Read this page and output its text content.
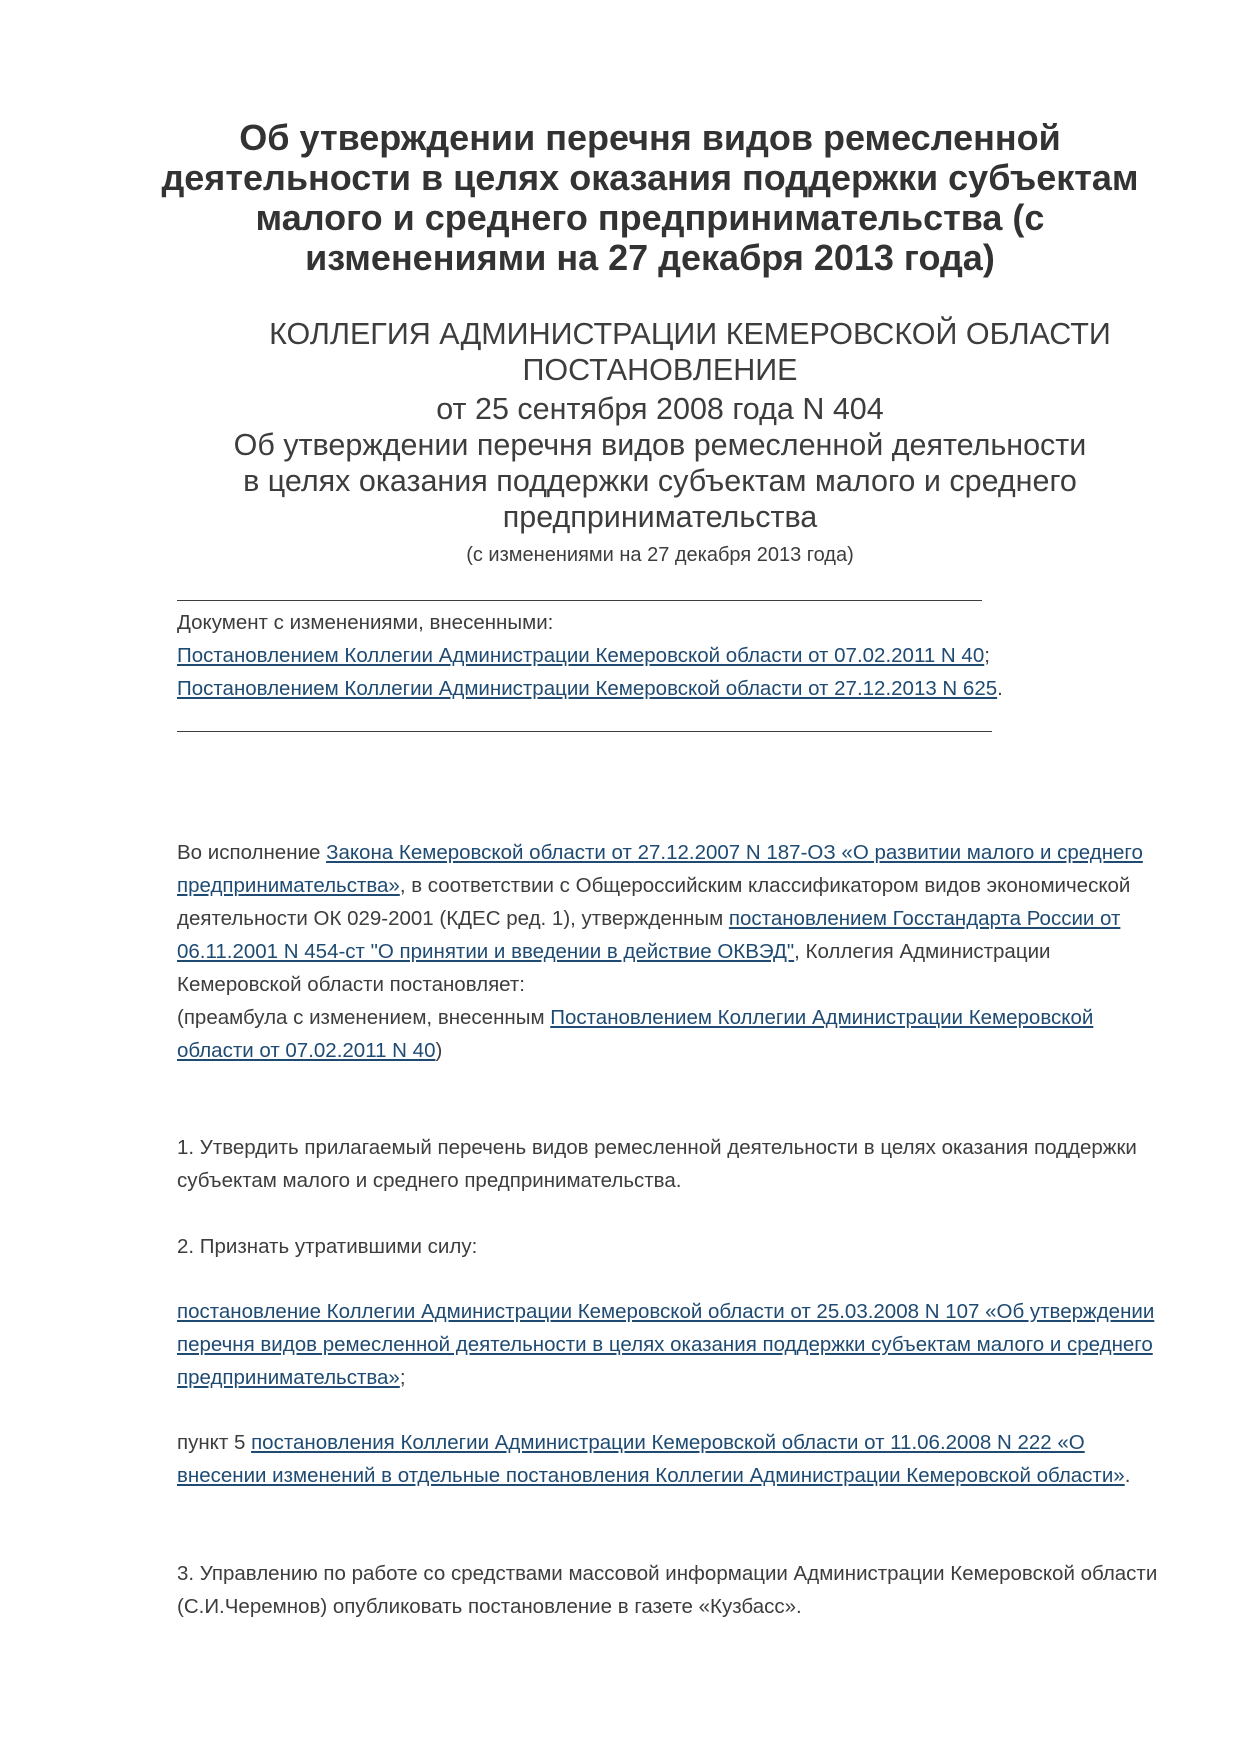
Об утверждении перечня видов ремесленной
деятельности в целях оказания поддержки субъектам
малого и среднего предпринимательства (с
изменениями на 27 декабря 2013 года)
КОЛЛЕГИЯ АДМИНИСТРАЦИИ КЕМЕРОВСКОЙ ОБЛАСТИ
ПОСТАНОВЛЕНИЕ
от 25 сентября 2008 года N 404
Об утверждении перечня видов ремесленной деятельности
в целях оказания поддержки субъектам малого и среднего
предпринимательства
(с изменениями на 27 декабря 2013 года)

Документ с изменениями, внесенными:

Постановлением Коллегии Администрации Кемеровской области от 07.02.2011 N 40;

Постановлением Коллегии Администрации Кемеровской области от 27.12.2013 N 625.

Во исполнение Закона Кемеровской области от 27.12.2007 N 187-ОЗ «О развитии малого и среднего предпринимательства», в соответствии с Общероссийским классификатором видов экономической деятельности ОК 029-2001 (КДЕС ред. 1), утвержденным постановлением Госстандарта России от 06.11.2001 N 454-ст "О принятии и введении в действие ОКВЭД", Коллегия Администрации Кемеровской области постановляет:

(преамбула с изменением, внесенным Постановлением Коллегии Администрации Кемеровской области от 07.02.2011 N 40)

1. Утвердить прилагаемый перечень видов ремесленной деятельности в целях оказания поддержки субъектам малого и среднего предпринимательства.

2. Признать утратившими силу:

постановление Коллегии Администрации Кемеровской области от 25.03.2008 N 107 «Об утверждении перечня видов ремесленной деятельности в целях оказания поддержки субъектам малого и среднего предпринимательства»;

пункт 5 постановления Коллегии Администрации Кемеровской области от 11.06.2008 N 222 «О внесении изменений в отдельные постановления Коллегии Администрации Кемеровской области».

3. Управлению по работе со средствами массовой информации Администрации Кемеровской области (С.И.Черемнов) опубликовать постановление в газете «Кузбасс».
